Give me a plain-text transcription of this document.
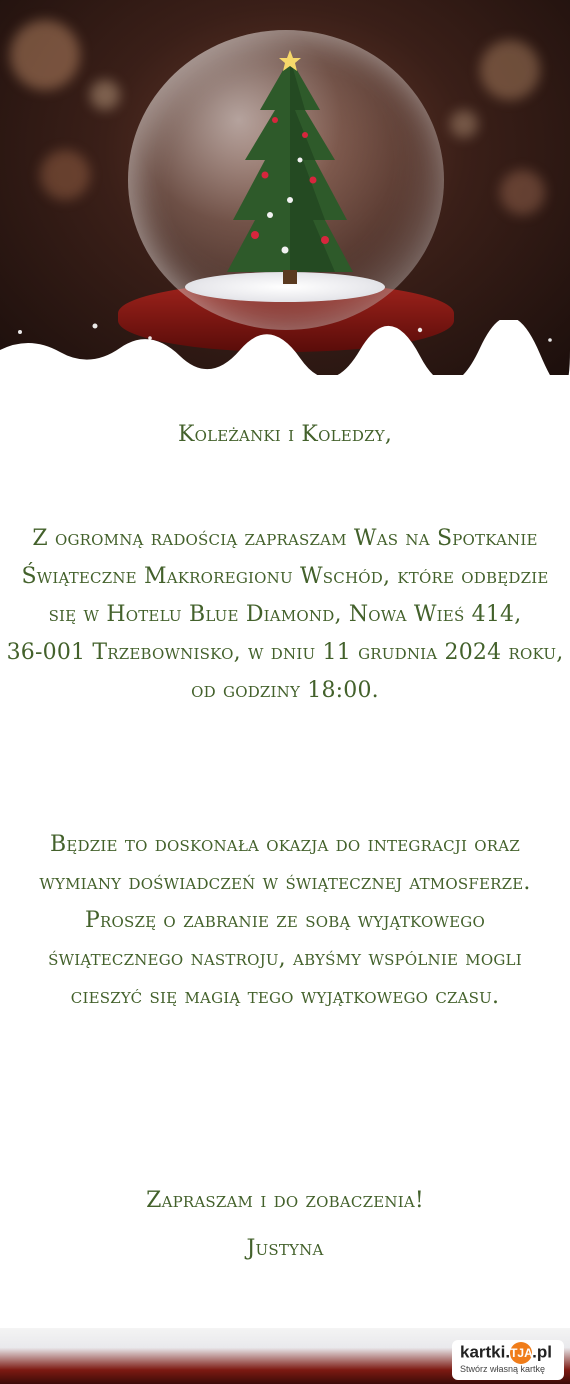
Koleżanki i Koledzy,
Z ogromną radością zapraszam Was na Spotkanie
Świąteczne Makroregionu Wschód, które odbędzie
się w Hotelu Blue Diamond, Nowa Wieś 414,
36-001 Trzebownisko, w dniu 11 grudnia 2024 roku,
od godziny 18:00.
Będzie to doskonała okazja do integracji oraz
wymiany doświadczeń w świątecznej atmosferze.
Proszę o zabranie ze sobą wyjątkowego
świątecznego nastroju, abyśmy wspólnie mogli
cieszyć się magią tego wyjątkowego czasu.
Zapraszam i do zobaczenia!
Justyna
kartki.TJA.pl
Stwórz własną kartkę
